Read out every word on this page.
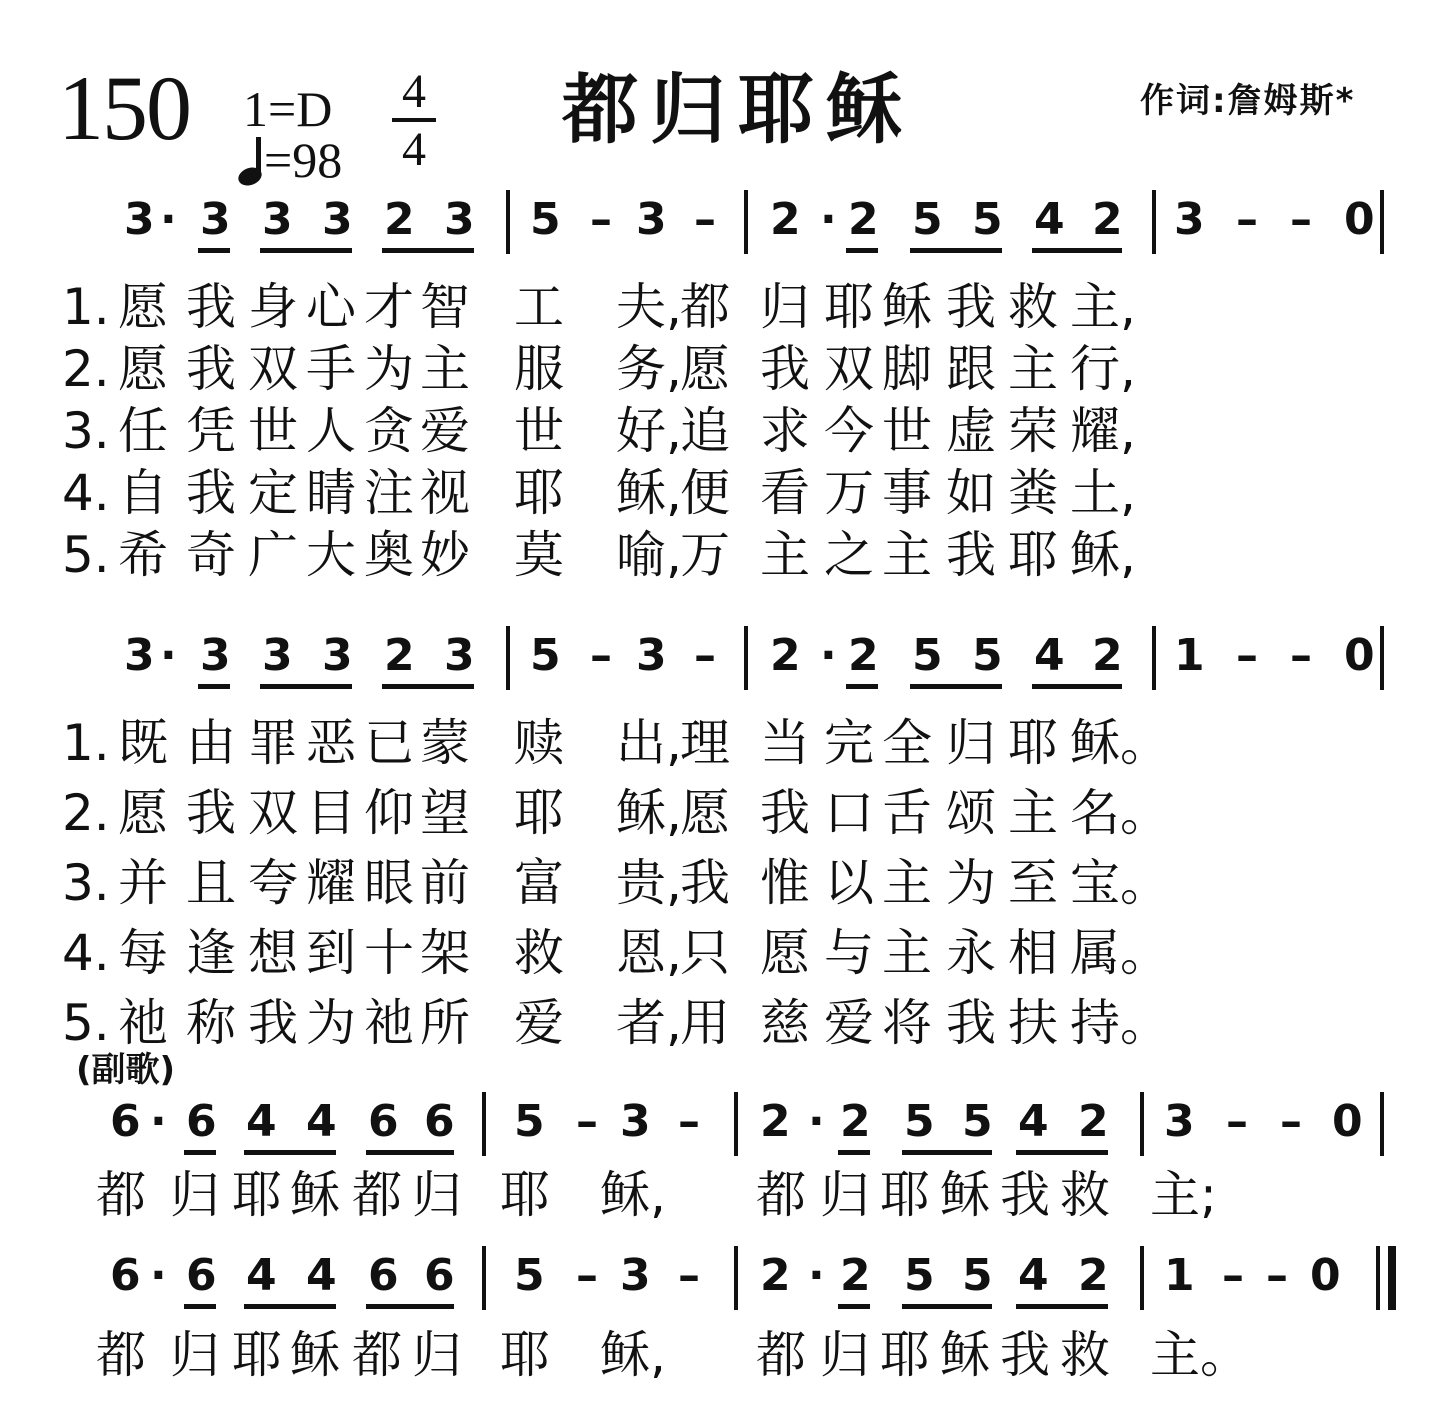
150 1=D
=98
4
4 都归耶稣	作词:詹姆斯*
3 · 3 3 3 2 3 5 – 3 – 2 · 2 5 5 4 2 3 – – 0
3 · 3 3 3 2 3 5 – 3 – 2 · 2 5 5 4 2 1 – – 0
6 · 6 4 4 6 6 5 – 3 – 2 · 2 5 5 4 2 3 – – 0
6 · 6 4 4 6 6 5 – 3 – 2 · 2 5 5 4 2 1 – – 0
1. 愿 我 身 心 才 智 工 夫,
都 归 耶 稣 我 救 主,
2. 愿 我 双 手 为 主 服 务,
愿 我 双 脚 跟 主 行,
3. 任 凭 世 人 贪 爱 世 好,
追 求 今 世 虚 荣 耀,
4. 自 我 定 睛 注 视 耶 稣,
便 看 万 事 如 粪 土,
5. 希 奇 广 大 奥 妙 莫 喻,
万 主 之 主 我 耶 稣,
1. 既 由 罪 恶 已 蒙 赎 出,
理 当 完 全 归 耶 稣。
2. 愿 我 双 目 仰 望 耶 稣,
愿 我 口 舌 颂 主 名。
3. 并 且 夸 耀 眼 前 富 贵,
我 惟 以 主 为 至 宝。
4. 每 逢 想 到 十 架 救 恩,
只 愿 与 主 永 相 属。
5. 祂 称 我 为 祂 所 爱 者,
用 慈 爱 将 我 扶 持。
都 归 耶 稣 都 归 耶 稣, 都 归 耶 稣 我 救 主;
都 归 耶 稣 都 归 耶 稣, 都 归 耶 稣 我 救 主。
(副歌)
